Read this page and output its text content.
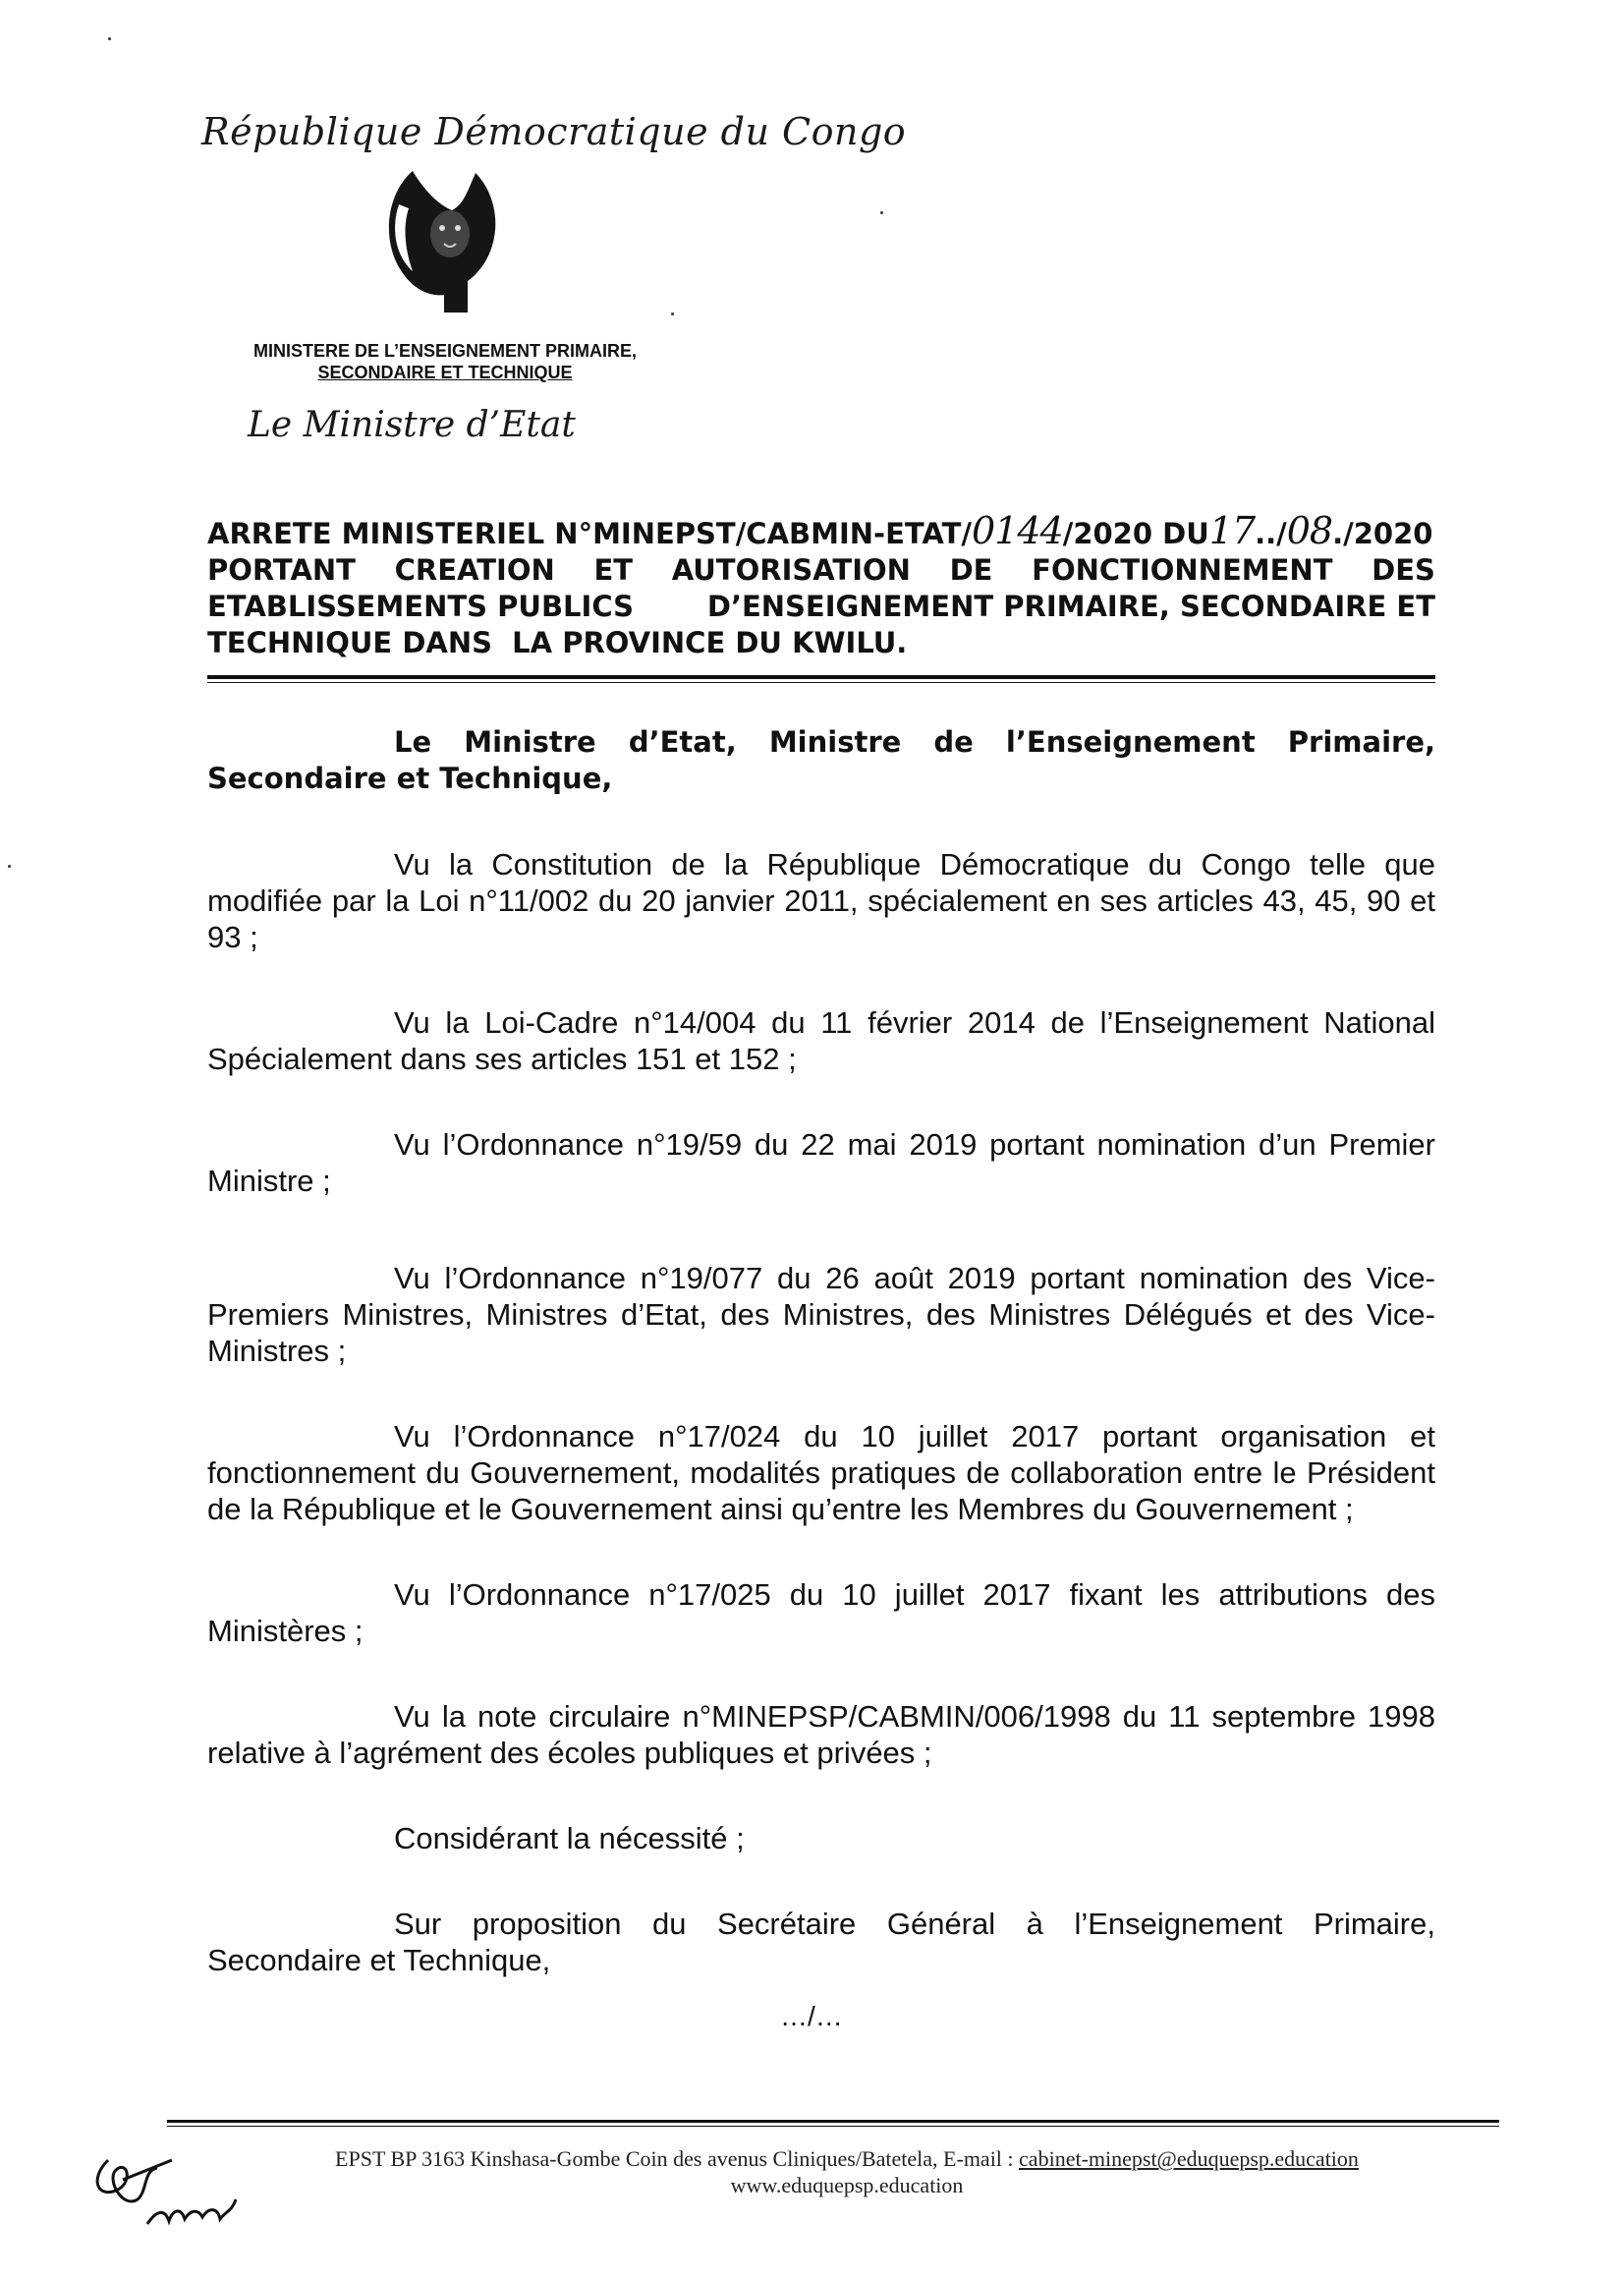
République Démocratique du Congo
MINISTERE DE L’ENSEIGNEMENT PRIMAIRE,
SECONDAIRE ET TECHNIQUE
Le Ministre d’Etat
ARRETE MINISTERIEL N°MINEPST/CABMIN-ETAT/0144/2020 DU17../08./2020
PORTANT CREATION ET AUTORISATION DE FONCTIONNEMENT DES
ETABLISSEMENTS PUBLICS	D’ENSEIGNEMENT PRIMAIRE, SECONDAIRE ET
TECHNIQUE DANS  LA PROVINCE DU KWILU.

Le Ministre d’Etat, Ministre de l’Enseignement Primaire, Secondaire et Technique,

Vu la Constitution de la République Démocratique du Congo telle que modifiée par la Loi n°11/002 du 20 janvier 2011, spécialement en ses articles 43, 45, 90 et 93 ;

Vu la Loi-Cadre n°14/004 du 11 février 2014 de l’Enseignement National Spécialement dans ses articles 151 et 152 ;

Vu l’Ordonnance n°19/59 du 22 mai 2019 portant nomination d’un Premier Ministre ;

Vu l’Ordonnance n°19/077 du 26 août 2019 portant nomination des Vice-Premiers Ministres, Ministres d’Etat, des Ministres, des Ministres Délégués et des Vice-Ministres ;

Vu l’Ordonnance n°17/024 du 10 juillet 2017 portant organisation et fonctionnement du Gouvernement, modalités pratiques de collaboration entre le Président de la République et le Gouvernement ainsi qu’entre les Membres du Gouvernement ;

Vu l’Ordonnance n°17/025 du 10 juillet 2017 fixant les attributions des Ministères ;

Vu la note circulaire n°MINEPSP/CABMIN/006/1998 du 11 septembre 1998 relative à l’agrément des écoles publiques et privées ;

Considérant la nécessité ;

Sur proposition du Secrétaire Général à l’Enseignement Primaire, Secondaire et Technique,

…/…
EPST BP 3163 Kinshasa-Gombe Coin des avenus Cliniques/Batetela, E-mail : cabinet-minepst@eduquepsp.education
www.eduquepsp.education
